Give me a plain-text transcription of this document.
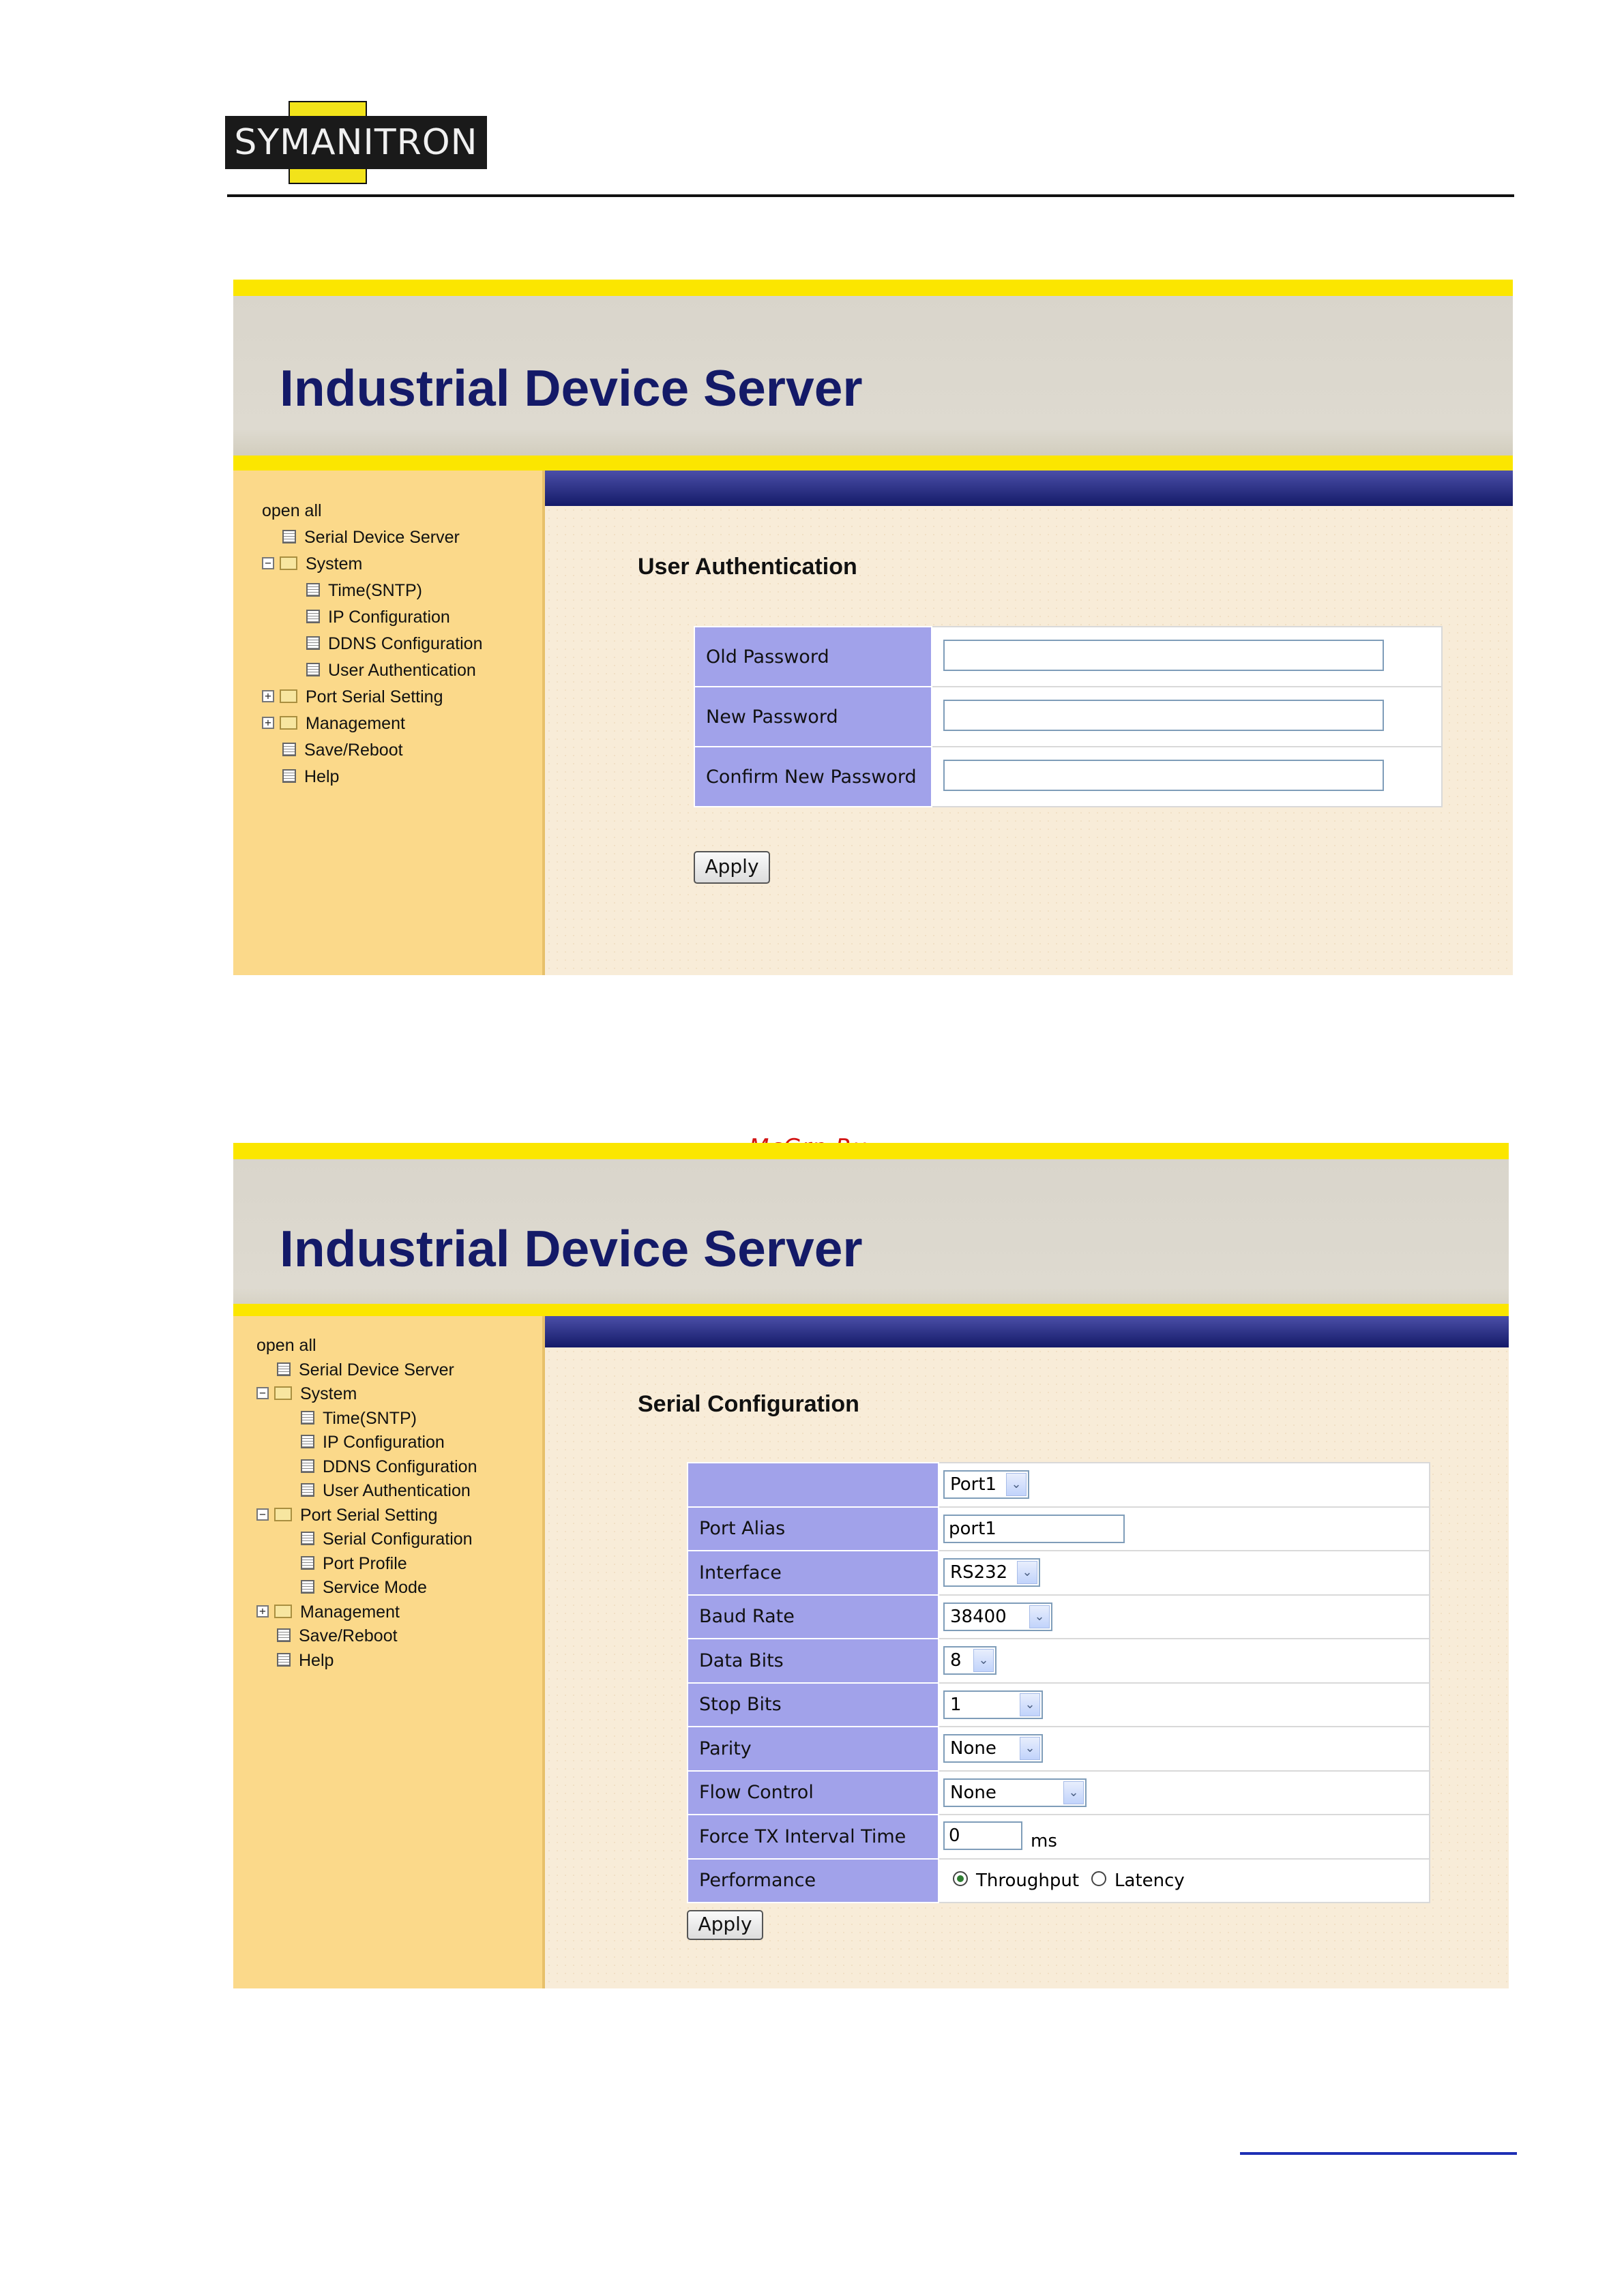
SYMANITRON
Industrial Device Server
open all
Serial Device Server
− System
Time(SNTP)
IP Configuration
DDNS Configuration
User Authentication
+ Port Serial Setting
+ Management
Save/Reboot
Help
User Authentication
Old Password	
New Password	
Confirm New Password	
Apply
Industrial Device Server
open all
Serial Device Server
− System
Time(SNTP)
IP Configuration
DDNS Configuration
User Authentication
− Port Serial Setting
Serial Configuration
Port Profile
Service Mode
+ Management
Save/Reboot
Help
Serial Configuration

	Port1 ⌄

Port Alias	port1
Interface	RS232 ⌄

Baud Rate	38400 ⌄

Data Bits	8 ⌄

Stop Bits	1 ⌄

Parity	None ⌄

Flow Control	None ⌄

Force TX Interval Time	0 ms
Performance	Throughput Latency
Apply
